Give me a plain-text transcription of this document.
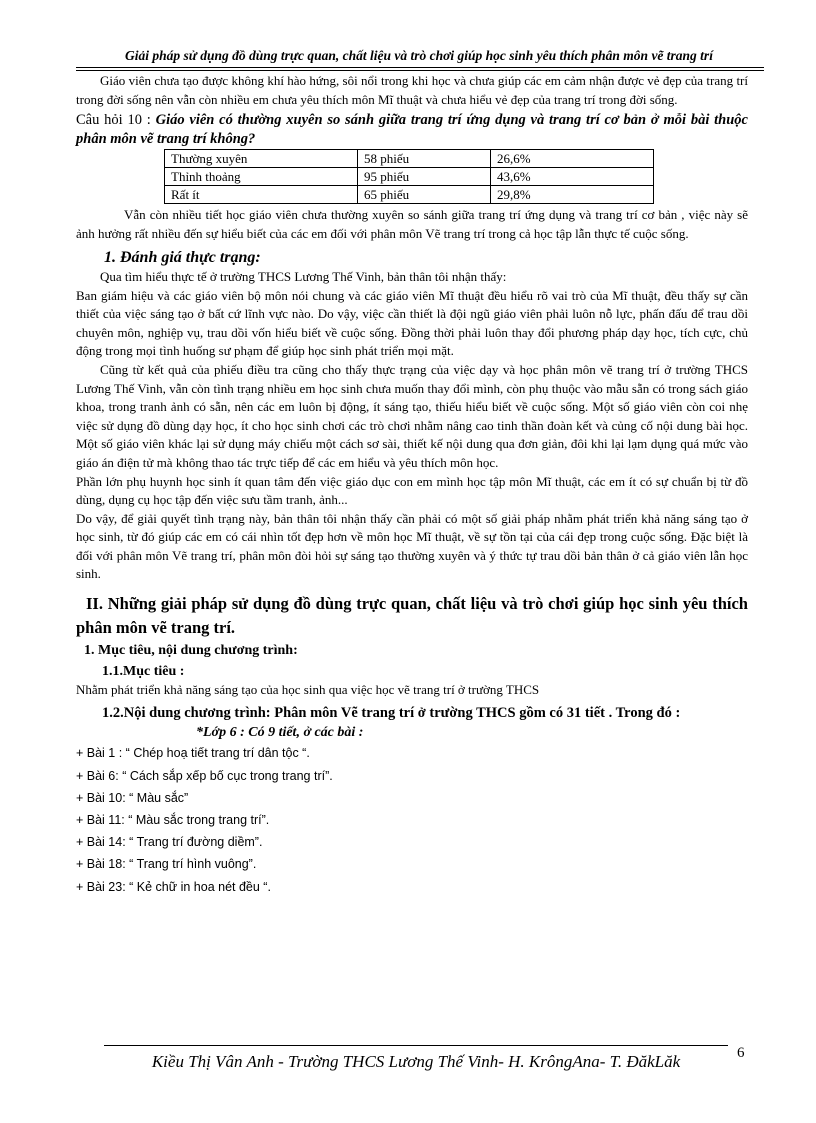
Giải pháp sử dụng đồ dùng trực quan, chất liệu và trò chơi giúp học sinh yêu thích phân môn vẽ trang trí

Giáo viên chưa tạo được không khí hào hứng, sôi nổi trong khi học và chưa giúp các em cảm nhận được vẻ đẹp của trang trí trong đời sống nên vẫn còn nhiều em chưa yêu thích môn Mĩ thuật và chưa hiểu vẻ đẹp của trang trí trong đời sống.

Câu hỏi 10 : Giáo viên có thường xuyên so sánh giữa trang trí ứng dụng và trang trí cơ bản ở mỗi bài thuộc phân môn vẽ trang trí không?

Thường xuyên	58 phiếu	26,6%
Thỉnh thoảng	95 phiếu	43,6%
Rất ít	65 phiếu	29,8%

Vẫn còn nhiều tiết học giáo viên chưa thường xuyên so sánh giữa trang trí ứng dụng và trang trí cơ bản , việc này sẽ ảnh hưởng rất nhiều đến sự hiểu biết của các em đối với phân môn Vẽ trang trí trong cả học tập lẫn thực tế cuộc sống.

1. Đánh giá thực trạng:

Qua tìm hiểu thực tế ở trường THCS Lương Thế Vinh, bản thân tôi nhận thấy:

Ban giám hiệu và các giáo viên bộ môn nói chung và các giáo viên Mĩ thuật đều hiểu rõ vai trò của Mĩ thuật, đều thấy sự cần thiết của việc sáng tạo ở bất cứ lĩnh vực nào. Do vậy, việc cần thiết là đội ngũ giáo viên phải luôn nỗ lực, phấn đấu để trau dồi chuyên môn, nghiệp vụ, trau dồi vốn hiểu biết về cuộc sống. Đồng thời phải luôn thay đổi phương pháp dạy học, tích cực, chủ động trong mọi tình huống sư phạm để giúp học sinh phát triển mọi mặt.

Cũng từ kết quả của phiếu điều tra cũng cho thấy thực trạng của việc dạy và học phân môn vẽ trang trí ở trường THCS Lương Thế Vinh, vẫn còn tình trạng nhiều em học sinh chưa muốn thay đổi mình, còn phụ thuộc vào mẫu sẵn có trong sách giáo khoa, trong tranh ảnh có sẵn, nên các em luôn bị động, ít sáng tạo, thiếu hiểu biết về cuộc sống. Một số giáo viên còn coi nhẹ việc sử dụng đồ dùng dạy học, ít cho học sinh chơi các trò chơi nhằm nâng cao tinh thần đoàn kết và củng cố nội dung bài học. Một số giáo viên khác lại sử dụng máy chiếu một cách sơ sài, thiết kế nội dung qua đơn giản, đôi khi lại lạm dụng quá mức vào giáo án điện tử mà không thao tác trực tiếp để các em hiểu và yêu thích môn học.

Phần lớn phụ huynh học sinh ít quan tâm đến việc giáo dục con em mình học tập môn Mĩ thuật, các em ít có sự chuẩn bị từ đồ dùng, dụng cụ học tập đến việc sưu tầm tranh, ảnh...

Do vậy, để giải quyết tình trạng này, bản thân tôi nhận thấy cần phải có một số giải pháp nhằm phát triển khả năng sáng tạo ở học sinh, từ đó giúp các em có cái nhìn tốt đẹp hơn về môn học Mĩ thuật, về sự tồn tại của cái đẹp trong cuộc sống. Đặc biệt là đối với phân môn Vẽ trang trí, phân môn đòi hỏi sự sáng tạo thường xuyên và ý thức tự trau dồi bản thân ở cả giáo viên lẫn học sinh.

II. Những giải pháp sử dụng đồ dùng trực quan, chất liệu và trò chơi giúp học sinh yêu thích phân môn vẽ trang trí.

1. Mục tiêu, nội dung chương trình:

1.1.Mục tiêu :

Nhằm phát triển khả năng sáng tạo của học sinh qua việc học vẽ trang trí ở trường THCS

1.2.Nội dung chương trình: Phân môn Vẽ trang trí ở trường THCS gồm có 31 tiết . Trong đó :

*Lớp 6 : Có 9 tiết, ở các bài :

+ Bài 1 : “ Chép hoạ tiết trang trí dân tộc “.

+ Bài 6: “ Cách sắp xếp bố cục trong trang trí”.

+ Bài 10: “ Màu sắc”

+ Bài 11: “ Màu sắc trong trang trí”.

+ Bài 14: “ Trang trí đường diềm”.

+ Bài 18: “ Trang trí hình vuông”.

+ Bài 23: “ Kẻ chữ in hoa nét đều “.

Kiều Thị Vân Anh - Trường THCS Lương Thế Vinh- H. KrôngAna- T. ĐăkLăk	6
